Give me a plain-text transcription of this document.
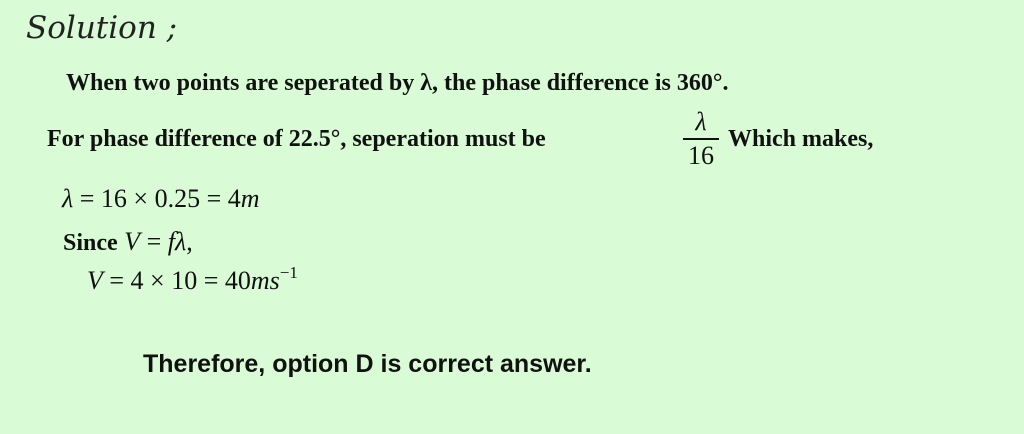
Solution ;
When two points are seperated by λ, the phase difference is 360°.
For phase difference of 22.5°, seperation must be
λ
16
Which makes,
λ = 16 × 0.25 = 4m
Since V = fλ,
$V = 4 \times 10 = 40ms^{-1}$
Therefore, option D is correct answer.
